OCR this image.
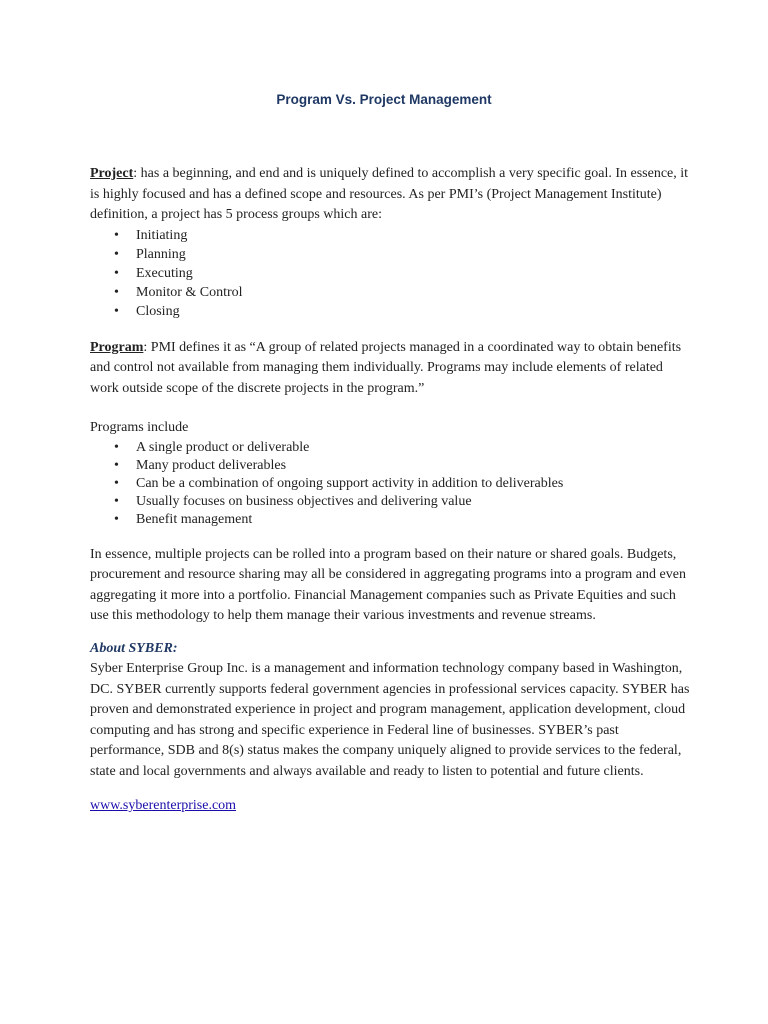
Program Vs. Project Management

Project: has a beginning, and end and is uniquely defined to accomplish a very specific goal. In essence, it is highly focused and has a defined scope and resources. As per PMI’s (Project Management Institute) definition, a project has 5 process groups which are:

• Initiating
• Planning
• Executing
• Monitor & Control
• Closing

Program: PMI defines it as “A group of related projects managed in a coordinated way to obtain benefits and control not available from managing them individually. Programs may include elements of related work outside scope of the discrete projects in the program.”

Programs include

• A single product or deliverable
• Many product deliverables
• Can be a combination of ongoing support activity in addition to deliverables
• Usually focuses on business objectives and delivering value
• Benefit management

In essence, multiple projects can be rolled into a program based on their nature or shared goals. Budgets, procurement and resource sharing may all be considered in aggregating programs into a program and even aggregating it more into a portfolio. Financial Management companies such as Private Equities and such use this methodology to help them manage their various investments and revenue streams.

About SYBER:

Syber Enterprise Group Inc. is a management and information technology company based in Washington, DC. SYBER currently supports federal government agencies in professional services capacity. SYBER has proven and demonstrated experience in project and program management, application development, cloud computing and has strong and specific experience in Federal line of businesses. SYBER’s past performance, SDB and 8(s) status makes the company uniquely aligned to provide services to the federal, state and local governments and always available and ready to listen to potential and future clients.

www.syberenterprise.com
